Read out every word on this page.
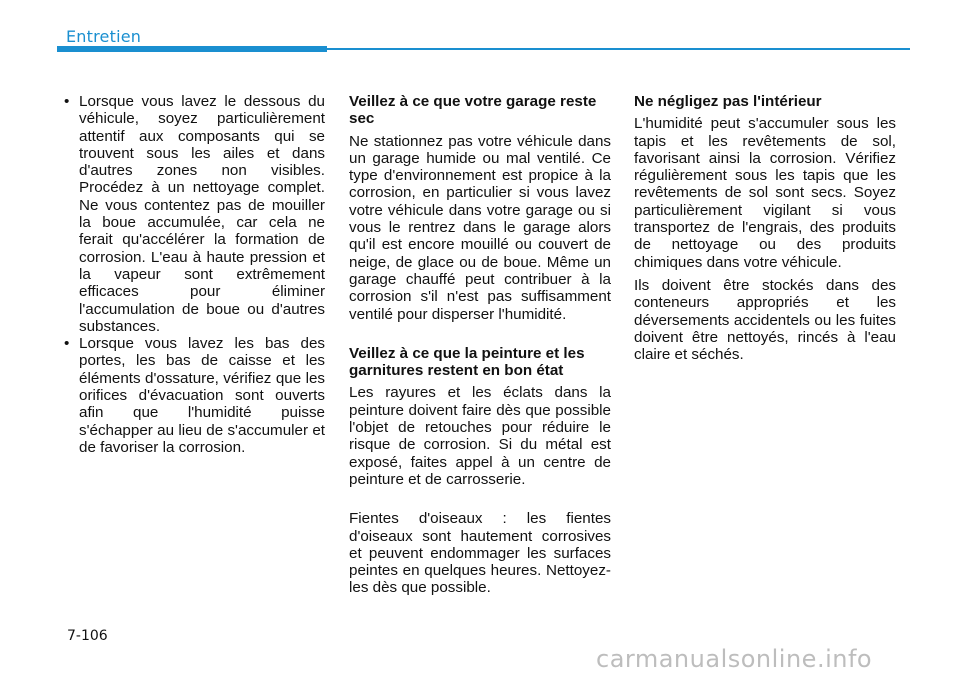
Entretien

• Lorsque vous lavez le dessous du véhicule, soyez particulièrement attentif aux composants qui se trouvent sous les ailes et dans d'autres zones non visibles. Procédez à un nettoyage complet. Ne vous contentez pas de mouiller la boue accumulée, car cela ne ferait qu'accélérer la formation de corrosion. L'eau à haute pression et la vapeur sont extrêmement efficaces pour éliminer l'accumulation de boue ou d'autres substances.

• Lorsque vous lavez les bas des portes, les bas de caisse et les éléments d'ossature, vérifiez que les orifices d'évacuation sont ouverts afin que l'humidité puisse s'échapper au lieu de s'accumuler et de favoriser la corrosion.

Veillez à ce que votre garage reste sec

Ne stationnez pas votre véhicule dans un garage humide ou mal ventilé. Ce type d'environnement est propice à la corrosion, en particulier si vous lavez votre véhicule dans votre garage ou si vous le rentrez dans le garage alors qu'il est encore mouillé ou couvert de neige, de glace ou de boue. Même un garage chauffé peut contribuer à la corrosion s'il n'est pas suffisamment ventilé pour disperser l'humidité.

Veillez à ce que la peinture et les garnitures restent en bon état

Les rayures et les éclats dans la peinture doivent faire dès que possible l'objet de retouches pour réduire le risque de corrosion. Si du métal est exposé, faites appel à un centre de peinture et de carrosserie.

Fientes d'oiseaux : les fientes d'oiseaux sont hautement corrosives et peuvent endommager les surfaces peintes en quelques heures. Nettoyez-les dès que possible.

Ne négligez pas l'intérieur

L'humidité peut s'accumuler sous les tapis et les revêtements de sol, favorisant ainsi la corrosion. Vérifiez régulièrement sous les tapis que les revêtements de sol sont secs. Soyez particulièrement vigilant si vous transportez de l'engrais, des produits de nettoyage ou des produits chimiques dans votre véhicule.

Ils doivent être stockés dans des conteneurs appropriés et les déversements accidentels ou les fuites doivent être nettoyés, rincés à l'eau claire et séchés.

7-106
carmanualsonline.info
